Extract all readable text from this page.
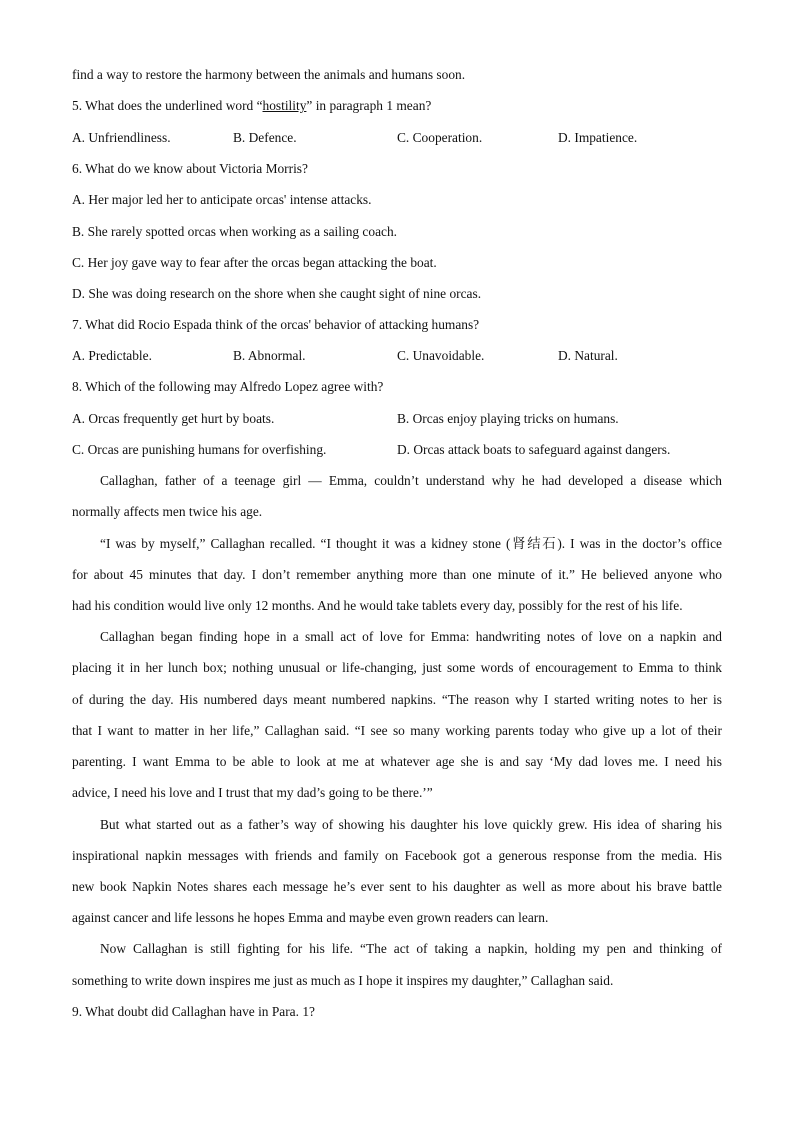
find a way to restore the harmony between the animals and humans soon.
5. What does the underlined word “hostility” in paragraph 1 mean?
A. Unfriendliness.	B. Defence.	C. Cooperation.	D. Impatience.
6. What do we know about Victoria Morris?
A. Her major led her to anticipate orcas' intense attacks.
B. She rarely spotted orcas when working as a sailing coach.
C. Her joy gave way to fear after the orcas began attacking the boat.
D. She was doing research on the shore when she caught sight of nine orcas.
7. What did Rocio Espada think of the orcas' behavior of attacking humans?
A. Predictable.	B. Abnormal.	C. Unavoidable.	D. Natural.
8. Which of the following may Alfredo Lopez agree with?
A. Orcas frequently get hurt by boats.	B. Orcas enjoy playing tricks on humans.
C. Orcas are punishing humans for overfishing.	D. Orcas attack boats to safeguard against dangers.
Callaghan, father of a teenage girl — Emma, couldn’t understand why he had developed a disease which
normally affects men twice his age.
“I was by myself,” Callaghan recalled. “I thought it was a kidney stone (肾结石). I was in the doctor’s office
for about 45 minutes that day. I don’t remember anything more than one minute of it.” He believed anyone who
had his condition would live only 12 months. And he would take tablets every day, possibly for the rest of his life.
Callaghan began finding hope in a small act of love for Emma: handwriting notes of love on a napkin and
placing it in her lunch box; nothing unusual or life-changing, just some words of encouragement to Emma to think
of during the day. His numbered days meant numbered napkins. “The reason why I started writing notes to her is
that I want to matter in her life,” Callaghan said. “I see so many working parents today who give up a lot of their
parenting. I want Emma to be able to look at me at whatever age she is and say ‘My dad loves me. I need his
advice, I need his love and I trust that my dad’s going to be there.’”
But what started out as a father’s way of showing his daughter his love quickly grew. His idea of sharing his
inspirational napkin messages with friends and family on Facebook got a generous response from the media. His
new book Napkin Notes shares each message he’s ever sent to his daughter as well as more about his brave battle
against cancer and life lessons he hopes Emma and maybe even grown readers can learn.
Now Callaghan is still fighting for his life. “The act of taking a napkin, holding my pen and thinking of
something to write down inspires me just as much as I hope it inspires my daughter,” Callaghan said.
9. What doubt did Callaghan have in Para. 1?
